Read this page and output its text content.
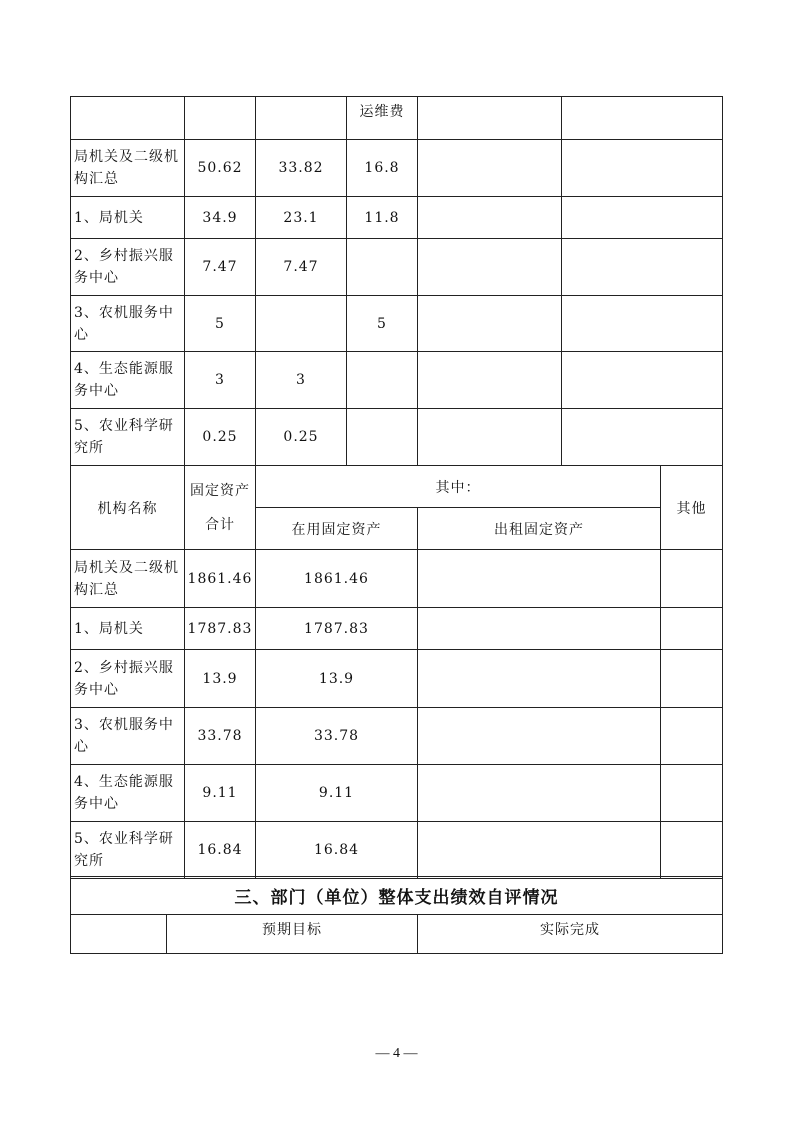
			运维费		
局机关及二级机构汇总	50.62	33.82	16.8		
1、局机关	34.9	23.1	11.8		
2、乡村振兴服务中心	7.47	7.47			
3、农机服务中心	5		5		
4、生态能源服务中心	3	3			
5、农业科学研究所	0.25	0.25			
机构名称	固定资产合计	其中：		其他
		在用固定资产	出租固定资产	
局机关及二级机构汇总	1861.46	1861.46		
1、局机关	1787.83	1787.83		
2、乡村振兴服务中心	13.9	13.9		
3、农机服务中心	33.78	33.78		
4、生态能源服务中心	9.11	9.11		
5、农业科学研究所	16.84	16.84		
三、部门（单位）整体支出绩效自评情况
	预期目标	实际完成
— 4 —
